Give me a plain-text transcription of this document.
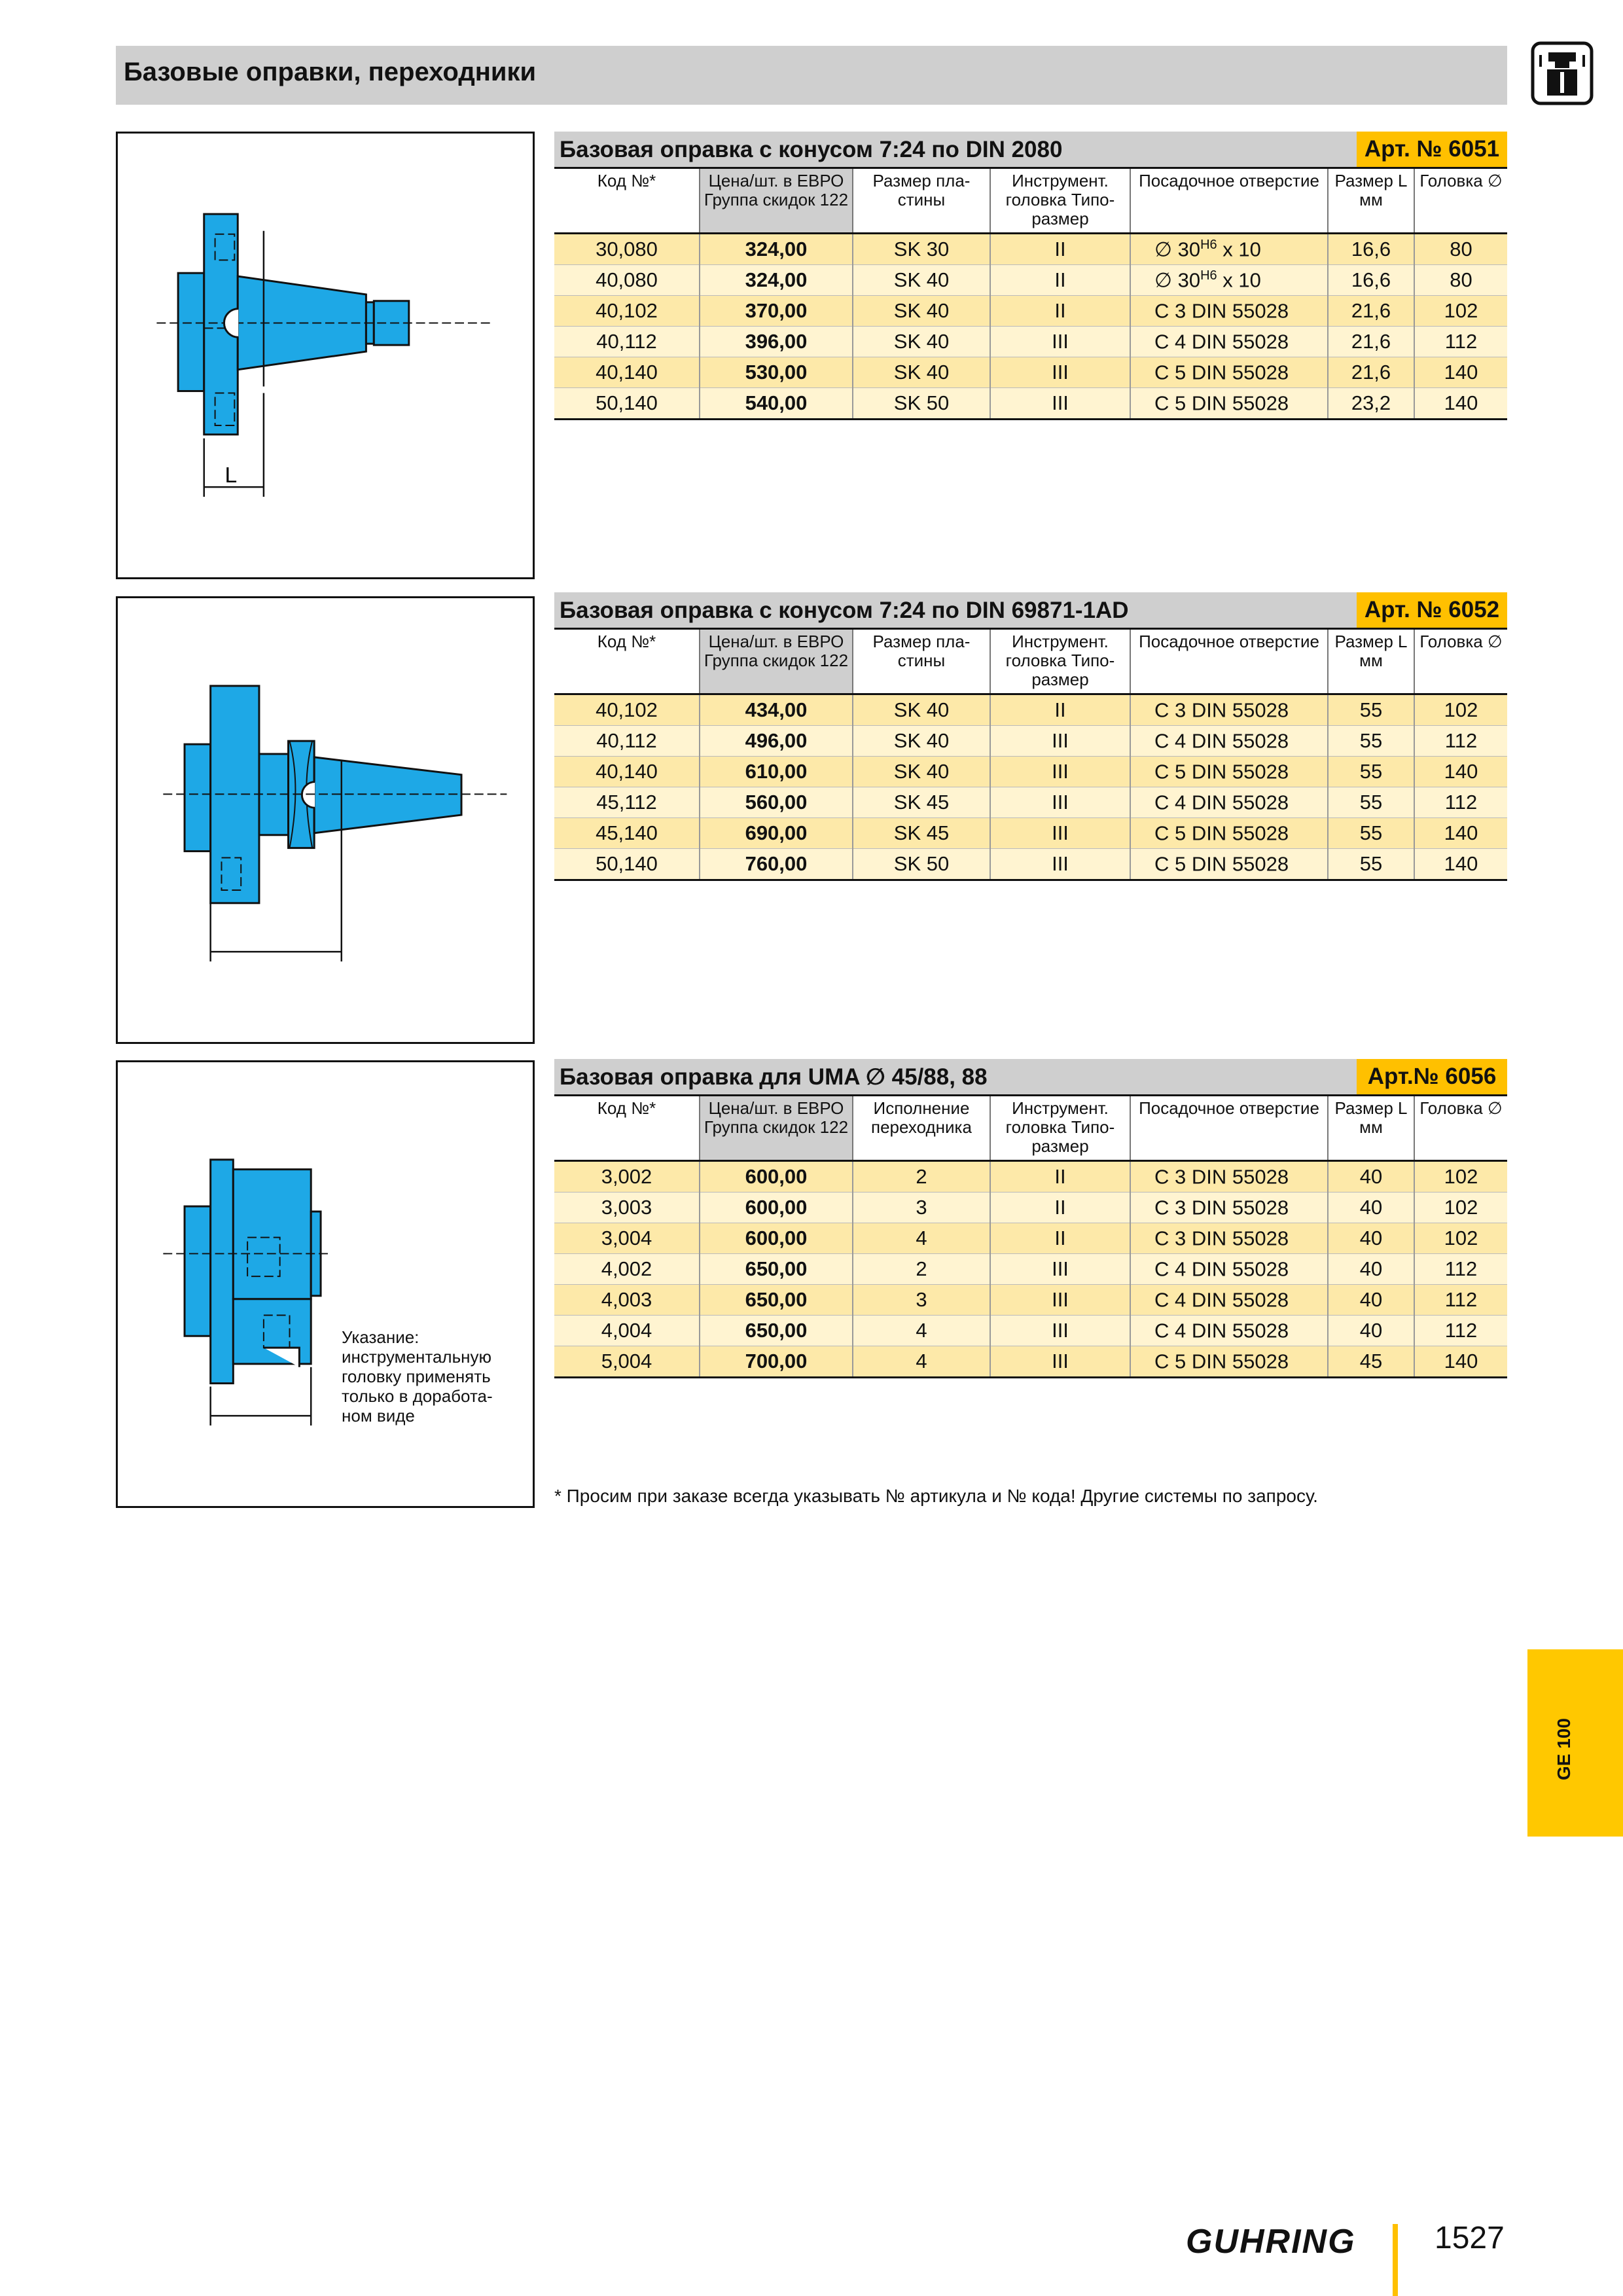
Базовые оправки, переходники
L
Указание: инструментальную головку применять только в доработа-ном виде
Базовая оправка с конусом 7:24 по DIN 2080	Арт. № 6051
Код №*	Цена/шт. в ЕВРО Группа скидок 122	Размер пла-стины	Инструмент. головка Типо-размер	Посадочное отверстие	Размер L мм	Головка ∅
30,080	324,00	SK 30	II	∅ $30^{H6}$ x 10	16,6	80
40,080	324,00	SK 40	II	∅ $30^{H6}$ x 10	16,6	80
40,102	370,00	SK 40	II	C 3 DIN 55028	21,6	102
40,112	396,00	SK 40	III	C 4 DIN 55028	21,6	112
40,140	530,00	SK 40	III	C 5 DIN 55028	21,6	140
50,140	540,00	SK 50	III	C 5 DIN 55028	23,2	140
Базовая оправка с конусом 7:24 по DIN 69871-1AD	Арт. № 6052
Код №*	Цена/шт. в ЕВРО Группа скидок 122	Размер пла-стины	Инструмент. головка Типо-размер	Посадочное отверстие	Размер L мм	Головка ∅
40,102	434,00	SK 40	II	C 3 DIN 55028	55	102
40,112	496,00	SK 40	III	C 4 DIN 55028	55	112
40,140	610,00	SK 40	III	C 5 DIN 55028	55	140
45,112	560,00	SK 45	III	C 4 DIN 55028	55	112
45,140	690,00	SK 45	III	C 5 DIN 55028	55	140
50,140	760,00	SK 50	III	C 5 DIN 55028	55	140
Базовая оправка для UMA ∅ 45/88, 88	Арт.№ 6056
Код №*	Цена/шт. в ЕВРО Группа скидок 122	Исполнение переходника	Инструмент. головка Типо-размер	Посадочное отверстие	Размер L мм	Головка ∅
3,002	600,00	2	II	C 3 DIN 55028	40	102
3,003	600,00	3	II	C 3 DIN 55028	40	102
3,004	600,00	4	II	C 3 DIN 55028	40	102
4,002	650,00	2	III	C 4 DIN 55028	40	112
4,003	650,00	3	III	C 4 DIN 55028	40	112
4,004	650,00	4	III	C 4 DIN 55028	40	112
5,004	700,00	4	III	C 5 DIN 55028	45	140
* Просим при заказе всегда указывать № артикула и № кода! Другие системы по запросу.
GE 100
GUHRING	1527
